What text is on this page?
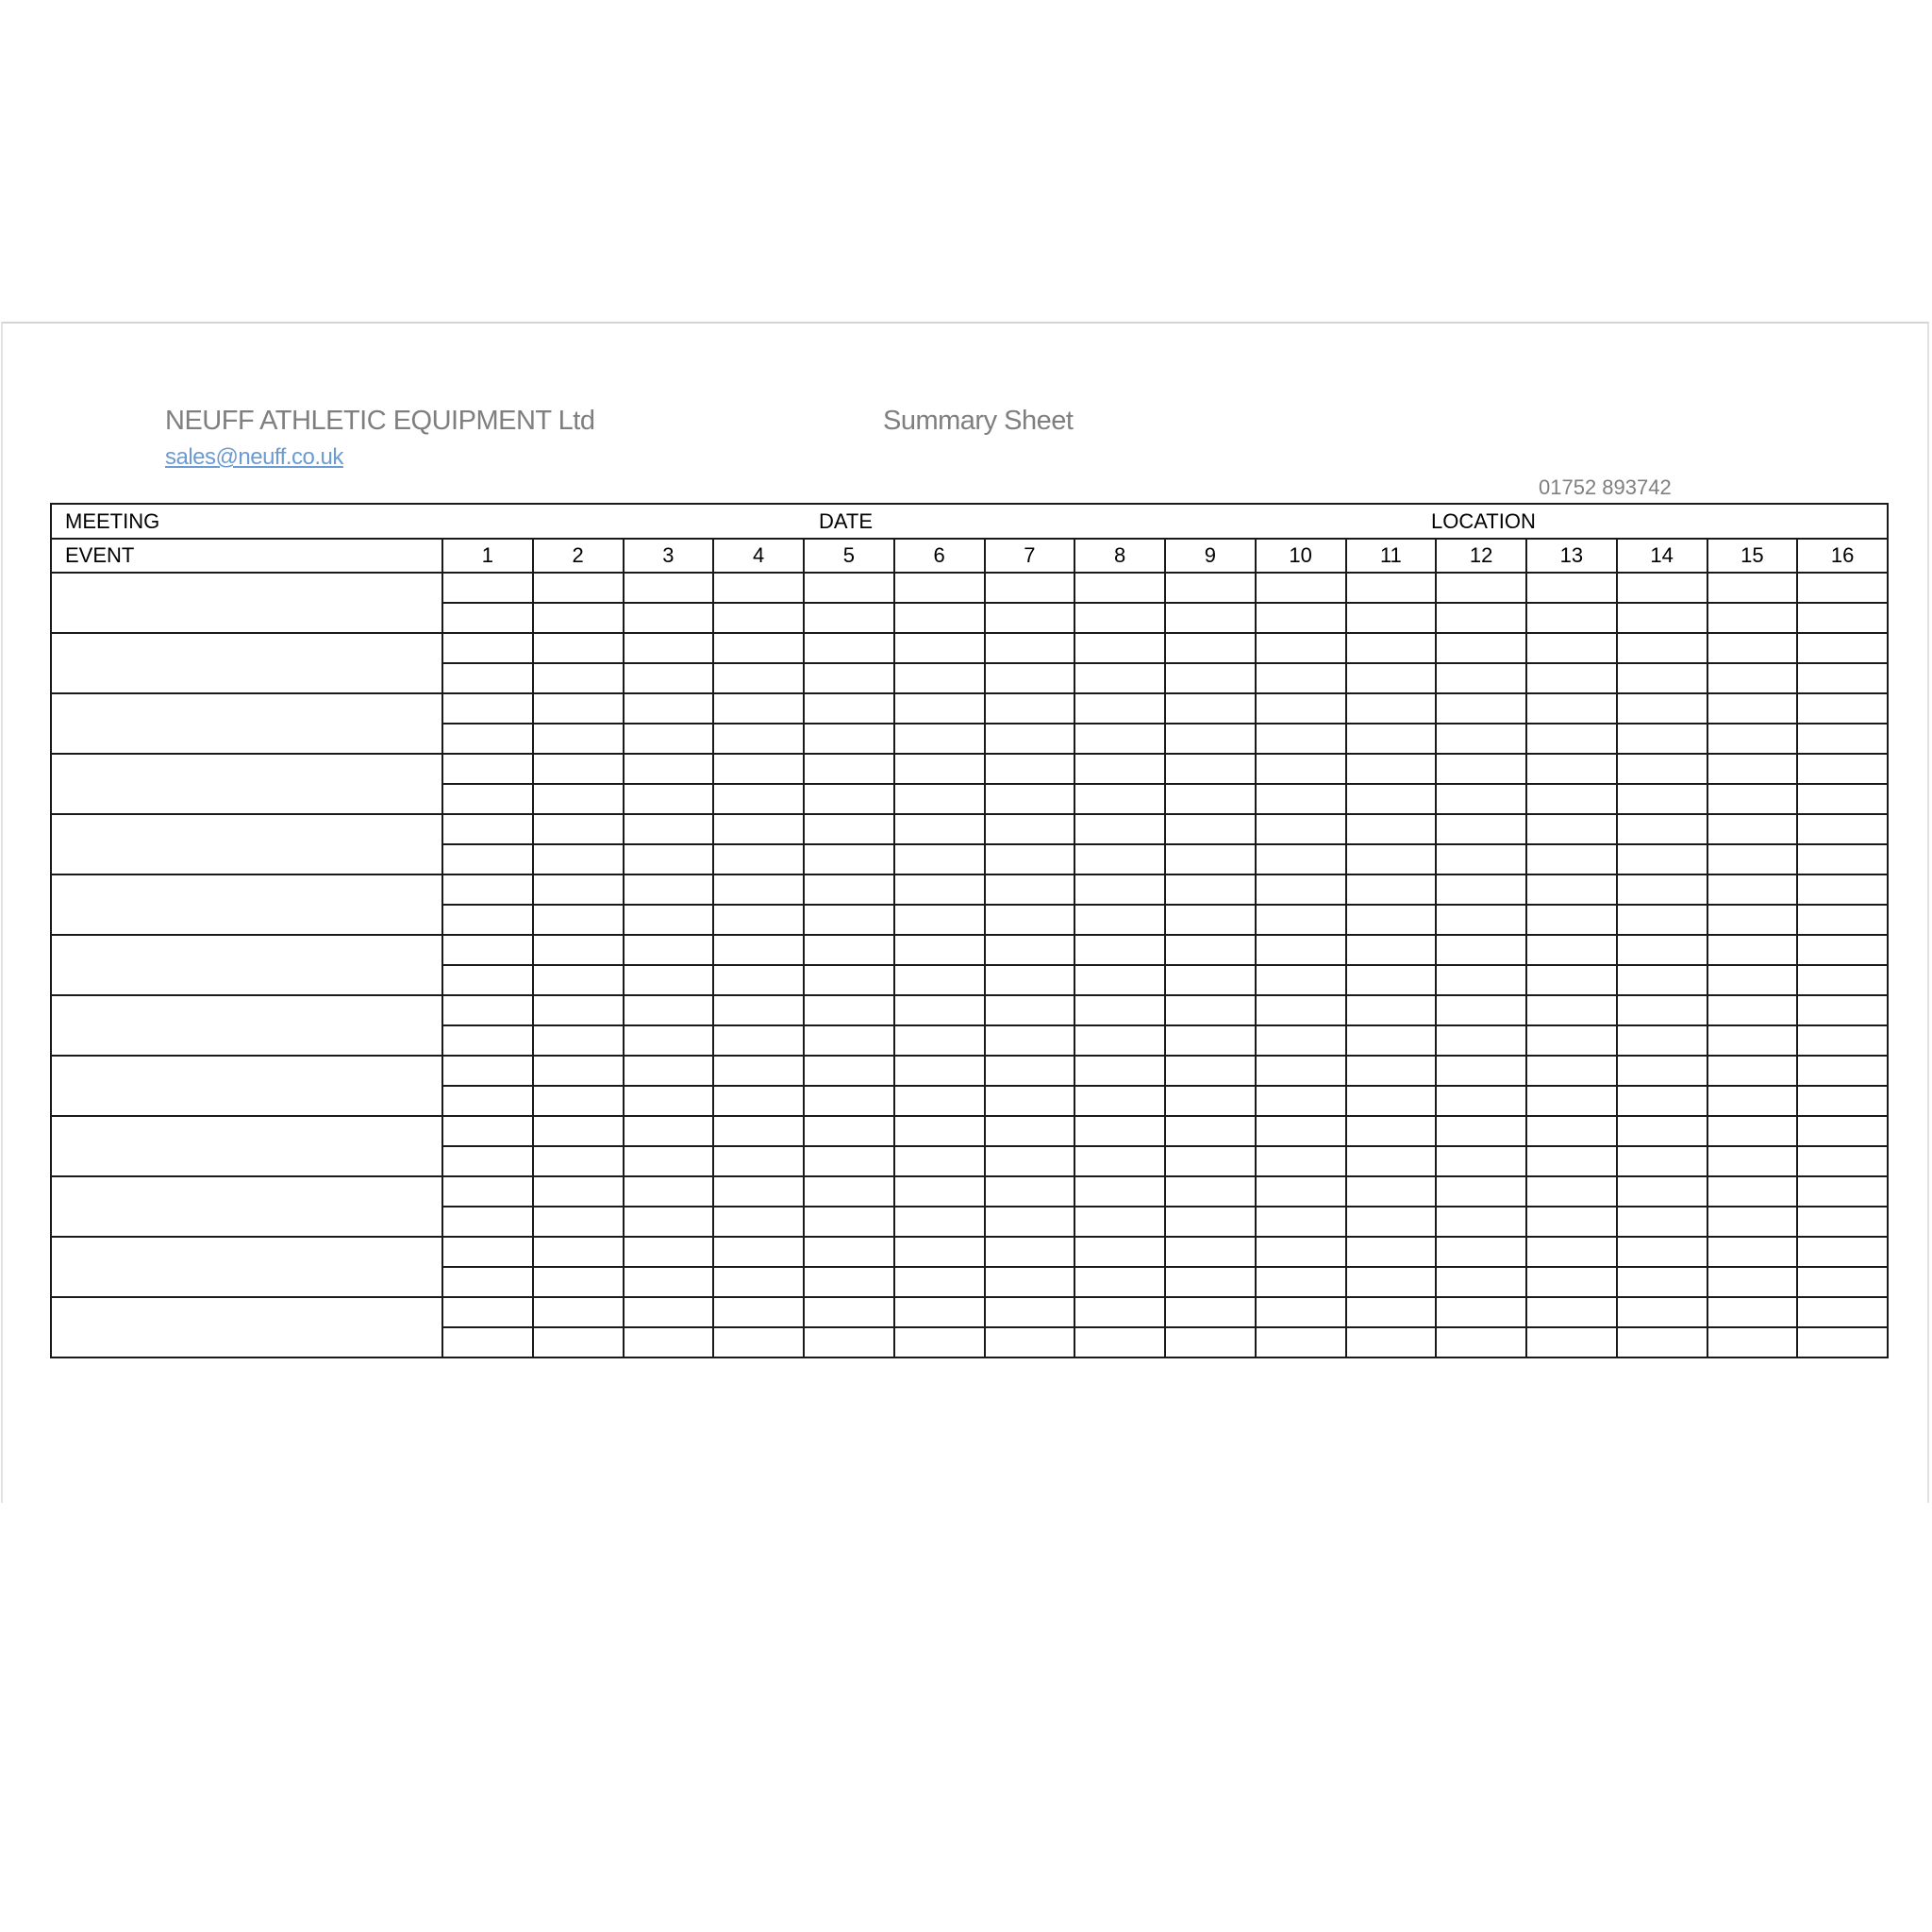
NEUFF ATHLETIC EQUIPMENT Ltd	Summary Sheet
sales@neuff.co.uk
01752 893742
MEETING DATE LOCATION																

EVENT	1	2	3	4	5	6	7	8	9	10	11	12	13	14	15	16
